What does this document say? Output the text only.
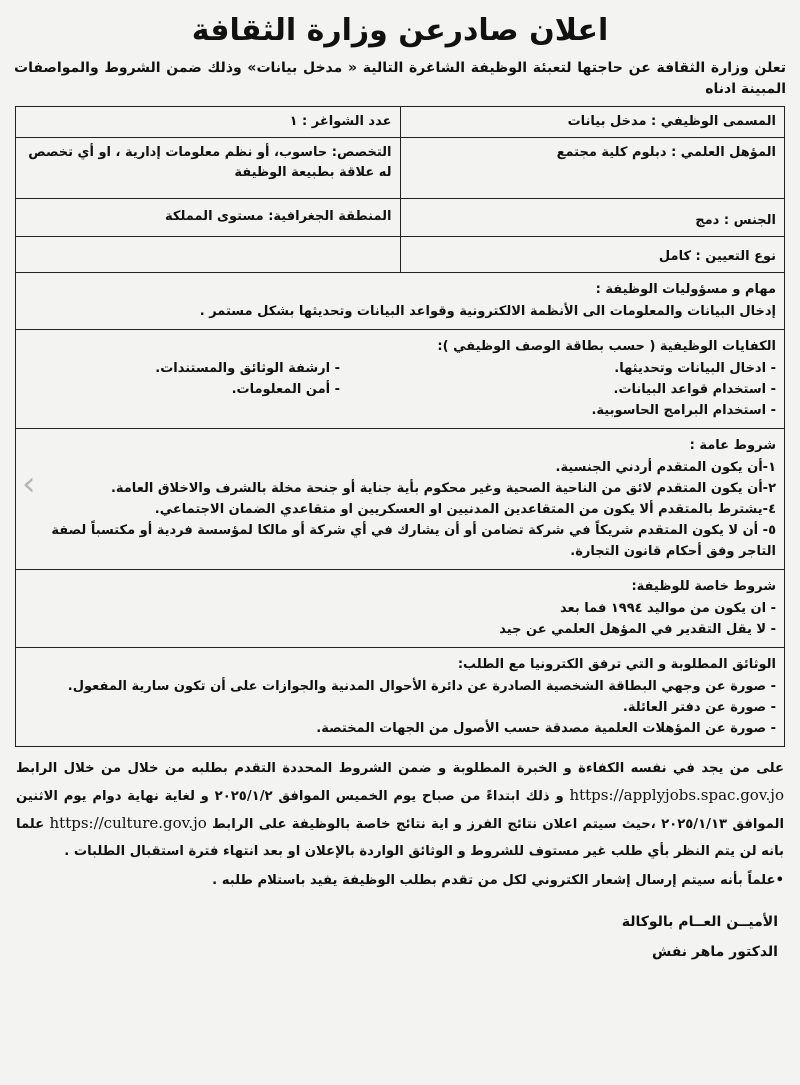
اعلان صادرعن وزارة الثقافة
تعلن وزارة الثقافة عن حاجتها لتعبئة الوظيفة الشاغرة التالية « مدخل بيانات» وذلك ضمن الشروط والمواصفات المبينة ادناه
المسمى الوظيفي : مدخل بيانات	عدد الشواغر : ١
المؤهل العلمي : دبلوم كلية مجتمع	التخصص: حاسوب، أو نظم معلومات إدارية ، او أي تخصص له علاقة بطبيعة الوظيفة
الجنس : دمج	المنطقة الجغرافية: مستوى المملكة
نوع التعيين : كامل	
مهام و مسؤوليات الوظيفة :
إدخال البيانات والمعلومات الى الأنظمة الالكترونية وقواعد البيانات وتحديثها بشكل مستمر .
الكفايات الوظيفية ( حسب بطاقة الوصف الوظيفي ):
- ادخال البيانات وتحديثها.
- ارشفة الوثائق والمستندات.
- استخدام قواعد البيانات.
- أمن المعلومات.
- استخدام البرامج الحاسوبية.
شروط عامة :
١-أن يكون المتقدم أردني الجنسية.
٢-أن يكون المتقدم لائق من الناحية الصحية وغير محكوم بأية جناية أو جنحة مخلة بالشرف والاخلاق العامة.
٤-يشترط بالمتقدم ألا يكون من المتقاعدين المدنيين او العسكريين او متقاعدي الضمان الاجتماعي.
٥- أن لا يكون المتقدم شريكاً في شركة تضامن أو أن يشارك في أي شركة أو مالكا لمؤسسة فردية أو مكتسباً لصفة التاجر وفق أحكام قانون التجارة.
شروط خاصة للوظيفة:
- ان يكون من مواليد ١٩٩٤ فما بعد
- لا يقل التقدير في المؤهل العلمي عن جيد
الوثائق المطلوبة و التي ترفق الكترونيا مع الطلب:
- صورة عن وجهي البطاقة الشخصية الصادرة عن دائرة الأحوال المدنية والجوازات على أن تكون سارية المفعول.
- صورة عن دفتر العائلة.
- صورة عن المؤهلات العلمية مصدقة حسب الأصول من الجهات المختصة.
على من يجد في نفسه الكفاءة و الخبرة المطلوبة و ضمن الشروط المحددة التقدم بطلبه من خلال من خلال الرابط https://applyjobs.spac.gov.jo و ذلك ابتداءً من صباح يوم الخميس الموافق ٢٠٢٥/١/٢ و لغاية نهاية دوام يوم الاثنين الموافق ٢٠٢٥/١/١٣ ،حيث سيتم اعلان نتائج الفرز و اية نتائج خاصة بالوظيفة على الرابط https://culture.gov.jo علما بانه لن يتم النظر بأي طلب غير مستوف للشروط و الوثائق الواردة بالإعلان او بعد انتهاء فترة استقبال الطلبات .
•علماً بأنه سيتم إرسال إشعار الكتروني لكل من تقدم بطلب الوظيفة يفيد باستلام طلبه .
الأميــن العــام بالوكالة
الدكتور ماهر نفش
‹
